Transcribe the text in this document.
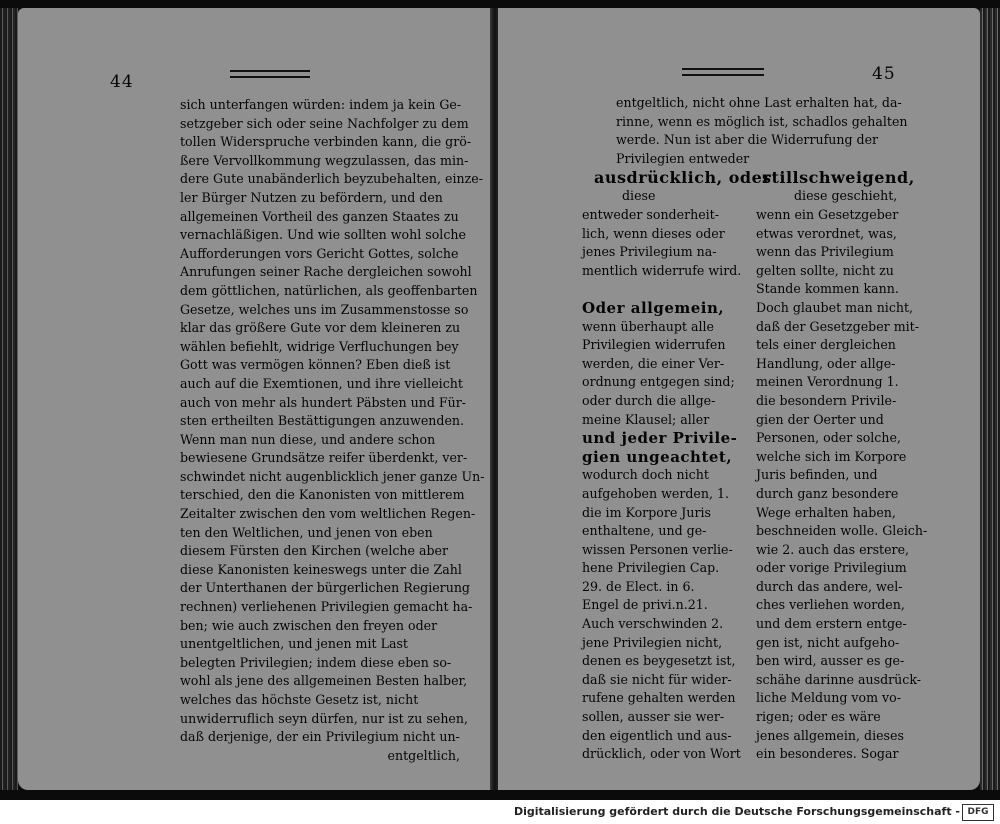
44
sich unterfangen würden: indem ja kein Ge-
setzgeber sich oder seine Nachfolger zu dem
tollen Widerspruche verbinden kann, die grö-
ßere Vervollkommung wegzulassen, das min-
dere Gute unabänderlich beyzubehalten, einze-
ler Bürger Nutzen zu befördern, und den
allgemeinen Vortheil des ganzen Staates zu
vernachläßigen. Und wie sollten wohl solche
Aufforderungen vors Gericht Gottes, solche
Anrufungen seiner Rache dergleichen sowohl
dem göttlichen, natürlichen, als geoffenbarten
Gesetze, welches uns im Zusammenstosse so
klar das größere Gute vor dem kleineren zu
wählen befiehlt, widrige Verfluchungen bey
Gott was vermögen können? Eben dieß ist
auch auf die Exemtionen, und ihre vielleicht
auch von mehr als hundert Päbsten und Für-
sten ertheilten Bestättigungen anzuwenden.
Wenn man nun diese, und andere schon
bewiesene Grundsätze reifer überdenkt, ver-
schwindet nicht augenblicklich jener ganze Un-
terschied, den die Kanonisten von mittlerem
Zeitalter zwischen den vom weltlichen Regen-
ten den Weltlichen, und jenen von eben
diesem Fürsten den Kirchen (welche aber
diese Kanonisten keineswegs unter die Zahl
der Unterthanen der bürgerlichen Regierung
rechnen) verliehenen Privilegien gemacht ha-
ben; wie auch zwischen den freyen oder
unentgeltlichen, und jenen mit Last
belegten Privilegien; indem diese eben so-
wohl als jene des allgemeinen Besten halber,
welches das höchste Gesetz ist, nicht
unwiderruflich seyn dürfen, nur ist zu sehen,
daß derjenige, der ein Privilegium nicht un-
entgeltlich,
45
entgeltlich, nicht ohne Last erhalten hat, da-
rinne, wenn es möglich ist, schadlos gehalten
werde. Nun ist aber die Widerrufung der
Privilegien entweder
ausdrücklich, oder
diese
stillschweigend,
diese geschieht,
entweder sonderheit-
lich, wenn dieses oder
jenes Privilegium na-
mentlich widerrufe wird.
Oder allgemein,
wenn überhaupt alle
Privilegien widerrufen
werden, die einer Ver-
ordnung entgegen sind;
oder durch die allge-
meine Klausel; aller
und jeder Privile-
gien ungeachtet,
wodurch doch nicht
aufgehoben werden, 1.
die im Korpore Juris
enthaltene, und ge-
wissen Personen verlie-
hene Privilegien Cap.
29. de Elect. in 6.
Engel de privi.n.21.
Auch verschwinden 2.
jene Privilegien nicht,
denen es beygesetzt ist,
daß sie nicht für wider-
rufene gehalten werden
sollen, ausser sie wer-
den eigentlich und aus-
drücklich, oder von Wort
wenn ein Gesetzgeber
etwas verordnet, was,
wenn das Privilegium
gelten sollte, nicht zu
Stande kommen kann.
Doch glaubet man nicht,
daß der Gesetzgeber mit-
tels einer dergleichen
Handlung, oder allge-
meinen Verordnung 1.
die besondern Privile-
gien der Oerter und
Personen, oder solche,
welche sich im Korpore
Juris befinden, und
durch ganz besondere
Wege erhalten haben,
beschneiden wolle. Gleich-
wie 2. auch das erstere,
oder vorige Privilegium
durch das andere, wel-
ches verliehen worden,
und dem erstern entge-
gen ist, nicht aufgeho-
ben wird, ausser es ge-
schähe darinne ausdrück-
liche Meldung vom vo-
rigen; oder es wäre
jenes allgemein, dieses
ein besonderes. Sogar
Digitalisierung gefördert durch die Deutsche Forschungsgemeinschaft - DFG
